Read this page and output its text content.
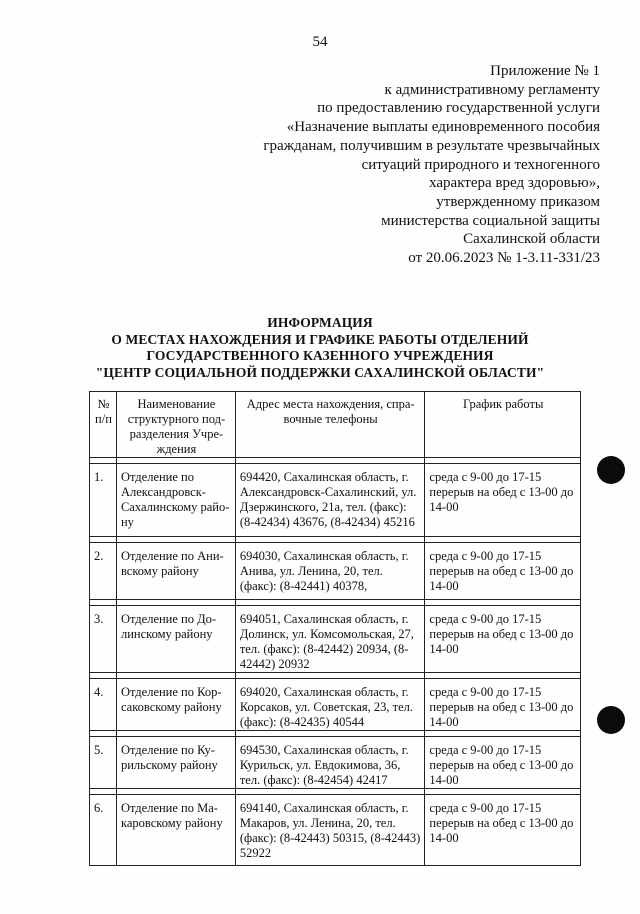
54
Приложение № 1
к административному регламенту
по предоставлению государственной услуги
«Назначение выплаты единовременного пособия
гражданам, получившим в результате чрезвычайных
ситуаций природного и техногенного
характера вред здоровью»,
утвержденному приказом
министерства социальной защиты
Сахалинской области
от 20.06.2023 № 1-3.11-331/23
ИНФОРМАЦИЯ
О МЕСТАХ НАХОЖДЕНИЯ И ГРАФИКЕ РАБОТЫ ОТДЕЛЕНИЙ
ГОСУДАРСТВЕННОГО КАЗЕННОГО УЧРЕЖДЕНИЯ
"ЦЕНТР СОЦИАЛЬНОЙ ПОДДЕРЖКИ САХАЛИНСКОЙ ОБЛАСТИ"
№ п/п	Наименование структурного под-разделения Учре-ждения	Адрес места нахождения, спра-вочные телефоны	График работы

1.	Отделение по Александровск-Сахалинскому райо-ну	694420, Сахалинская область, г. Александровск-Сахалинский, ул. Дзержинского, 21а, тел. (факс): (8-42434) 43676, (8-42434) 45216	среда с 9-00 до 17-15 перерыв на обед с 13-00 до 14-00

2.	Отделение по Ани-вскому району	694030, Сахалинская область, г. Анива, ул. Ленина, 20, тел. (факс): (8-42441) 40378,	среда с 9-00 до 17-15 перерыв на обед с 13-00 до 14-00

3.	Отделение по До-линскому району	694051, Сахалинская область, г. Долинск, ул. Комсомольская, 27, тел. (факс): (8-42442) 20934, (8-42442) 20932	среда с 9-00 до 17-15 перерыв на обед с 13-00 до 14-00

4.	Отделение по Кор-саковскому району	694020, Сахалинская область, г. Корсаков, ул. Советская, 23, тел. (факс): (8-42435) 40544	среда с 9-00 до 17-15 перерыв на обед с 13-00 до 14-00

5.	Отделение по Ку-рильскому району	694530, Сахалинская область, г. Курильск, ул. Евдокимова, 36, тел. (факс): (8-42454) 42417	среда с 9-00 до 17-15 перерыв на обед с 13-00 до 14-00

6.	Отделение по Ма-каровскому району	694140, Сахалинская область, г. Макаров, ул. Ленина, 20, тел. (факс): (8-42443) 50315, (8-42443) 52922	среда с 9-00 до 17-15 перерыв на обед с 13-00 до 14-00
